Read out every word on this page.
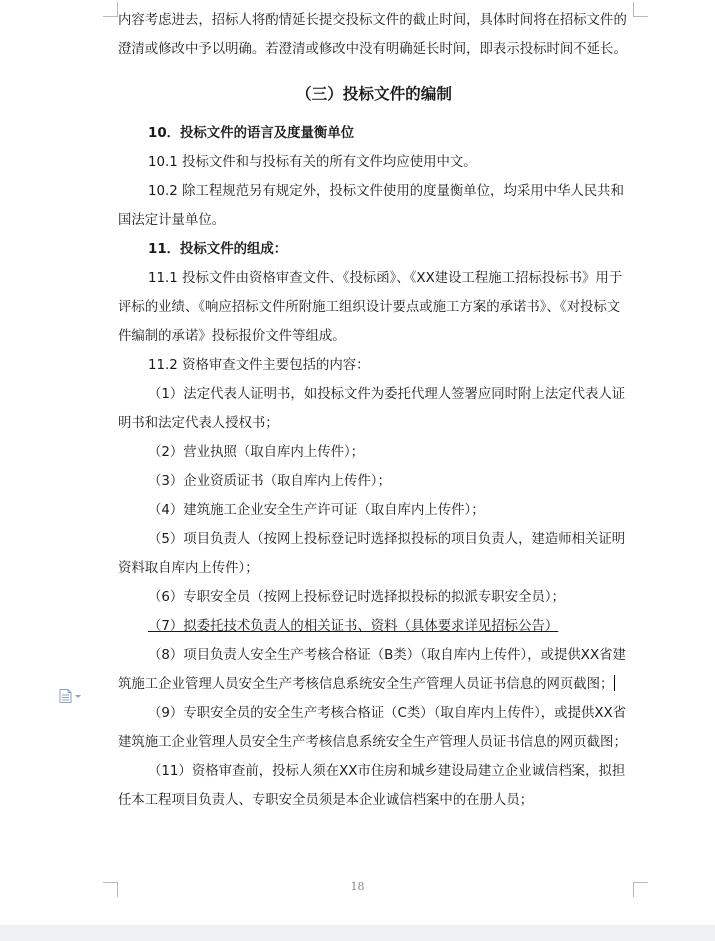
内容考虑进去，招标人将酌情延长提交投标文件的截止时间，具体时间将在招标文件的澄清或修改中予以明确。若澄清或修改中没有明确延长时间，即表示投标时间不延长。

（三）投标文件的编制

10．投标文件的语言及度量衡单位

10.1 投标文件和与投标有关的所有文件均应使用中文。

10.2 除工程规范另有规定外，投标文件使用的度量衡单位，均采用中华人民共和国法定计量单位。

11．投标文件的组成：

11.1 投标文件由资格审查文件、《投标函》、《XX建设工程施工招标投标书》用于评标的业绩、《响应招标文件所附施工组织设计要点或施工方案的承诺书》、《对投标文件编制的承诺》投标报价文件等组成。

11.2 资格审查文件主要包括的内容：

（1）法定代表人证明书，如投标文件为委托代理人签署应同时附上法定代表人证明书和法定代表人授权书；

（2）营业执照（取自库内上传件）；

（3）企业资质证书（取自库内上传件）；

（4）建筑施工企业安全生产许可证（取自库内上传件）；

（5）项目负责人（按网上投标登记时选择拟投标的项目负责人，建造师相关证明资料取自库内上传件）；

（6）专职安全员（按网上投标登记时选择拟投标的拟派专职安全员）；

（7）拟委托技术负责人的相关证书、资料（具体要求详见招标公告）

（8）项目负责人安全生产考核合格证（B类）（取自库内上传件），或提供XX省建筑施工企业管理人员安全生产考核信息系统安全生产管理人员证书信息的网页截图；

（9）专职安全员的安全生产考核合格证（C类）（取自库内上传件），或提供XX省建筑施工企业管理人员安全生产考核信息系统安全生产管理人员证书信息的网页截图；

（11）资格审查前，投标人须在XX市住房和城乡建设局建立企业诚信档案，拟担任本工程项目负责人、专职安全员须是本企业诚信档案中的在册人员；

18
